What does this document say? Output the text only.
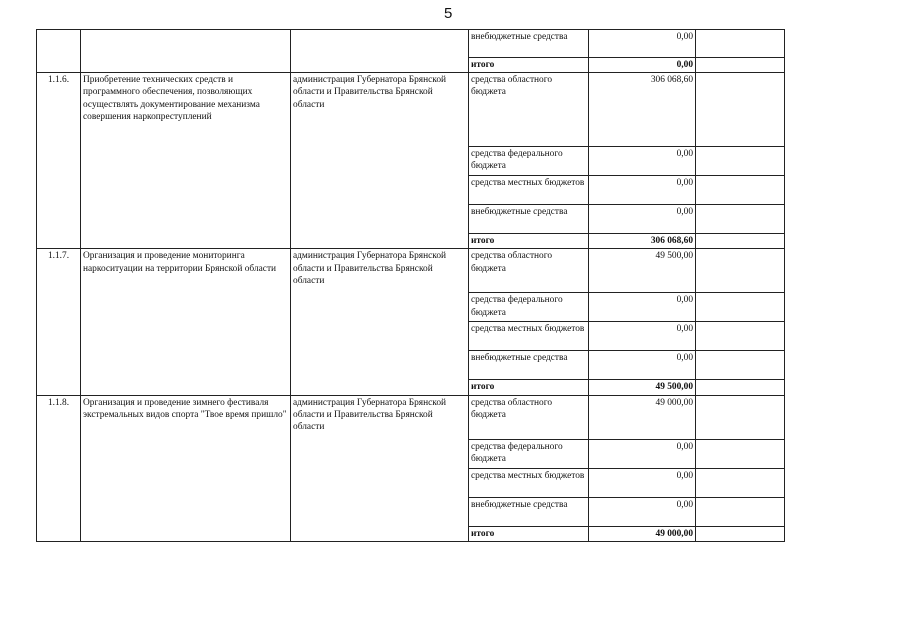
5
			внебюджетные средства	0,00	
			итого	0,00	
1.1.6.	Приобретение технических средств и программного обеспечения, позволяющих осуществлять документирование механизма совершения наркопреступлений	администрация Губернатора Брянской области и Правительства Брянской области	средства областного бюджета	306 068,60	
			средства федерального бюджета	0,00	
			средства местных бюджетов	0,00	
			внебюджетные средства	0,00	
			итого	306 068,60	
1.1.7.	Организация и проведение мониторинга наркоситуации на территории Брянской области	администрация Губернатора Брянской области и Правительства Брянской области	средства областного бюджета	49 500,00	
			средства федерального бюджета	0,00	
			средства местных бюджетов	0,00	
			внебюджетные средства	0,00	
			итого	49 500,00	
1.1.8.	Организация и проведение зимнего фестиваля экстремальных видов спорта "Твое время пришло"	администрация Губернатора Брянской области и Правительства Брянской области	средства областного бюджета	49 000,00	
			средства федерального бюджета	0,00	
			средства местных бюджетов	0,00	
			внебюджетные средства	0,00	
			итого	49 000,00	
